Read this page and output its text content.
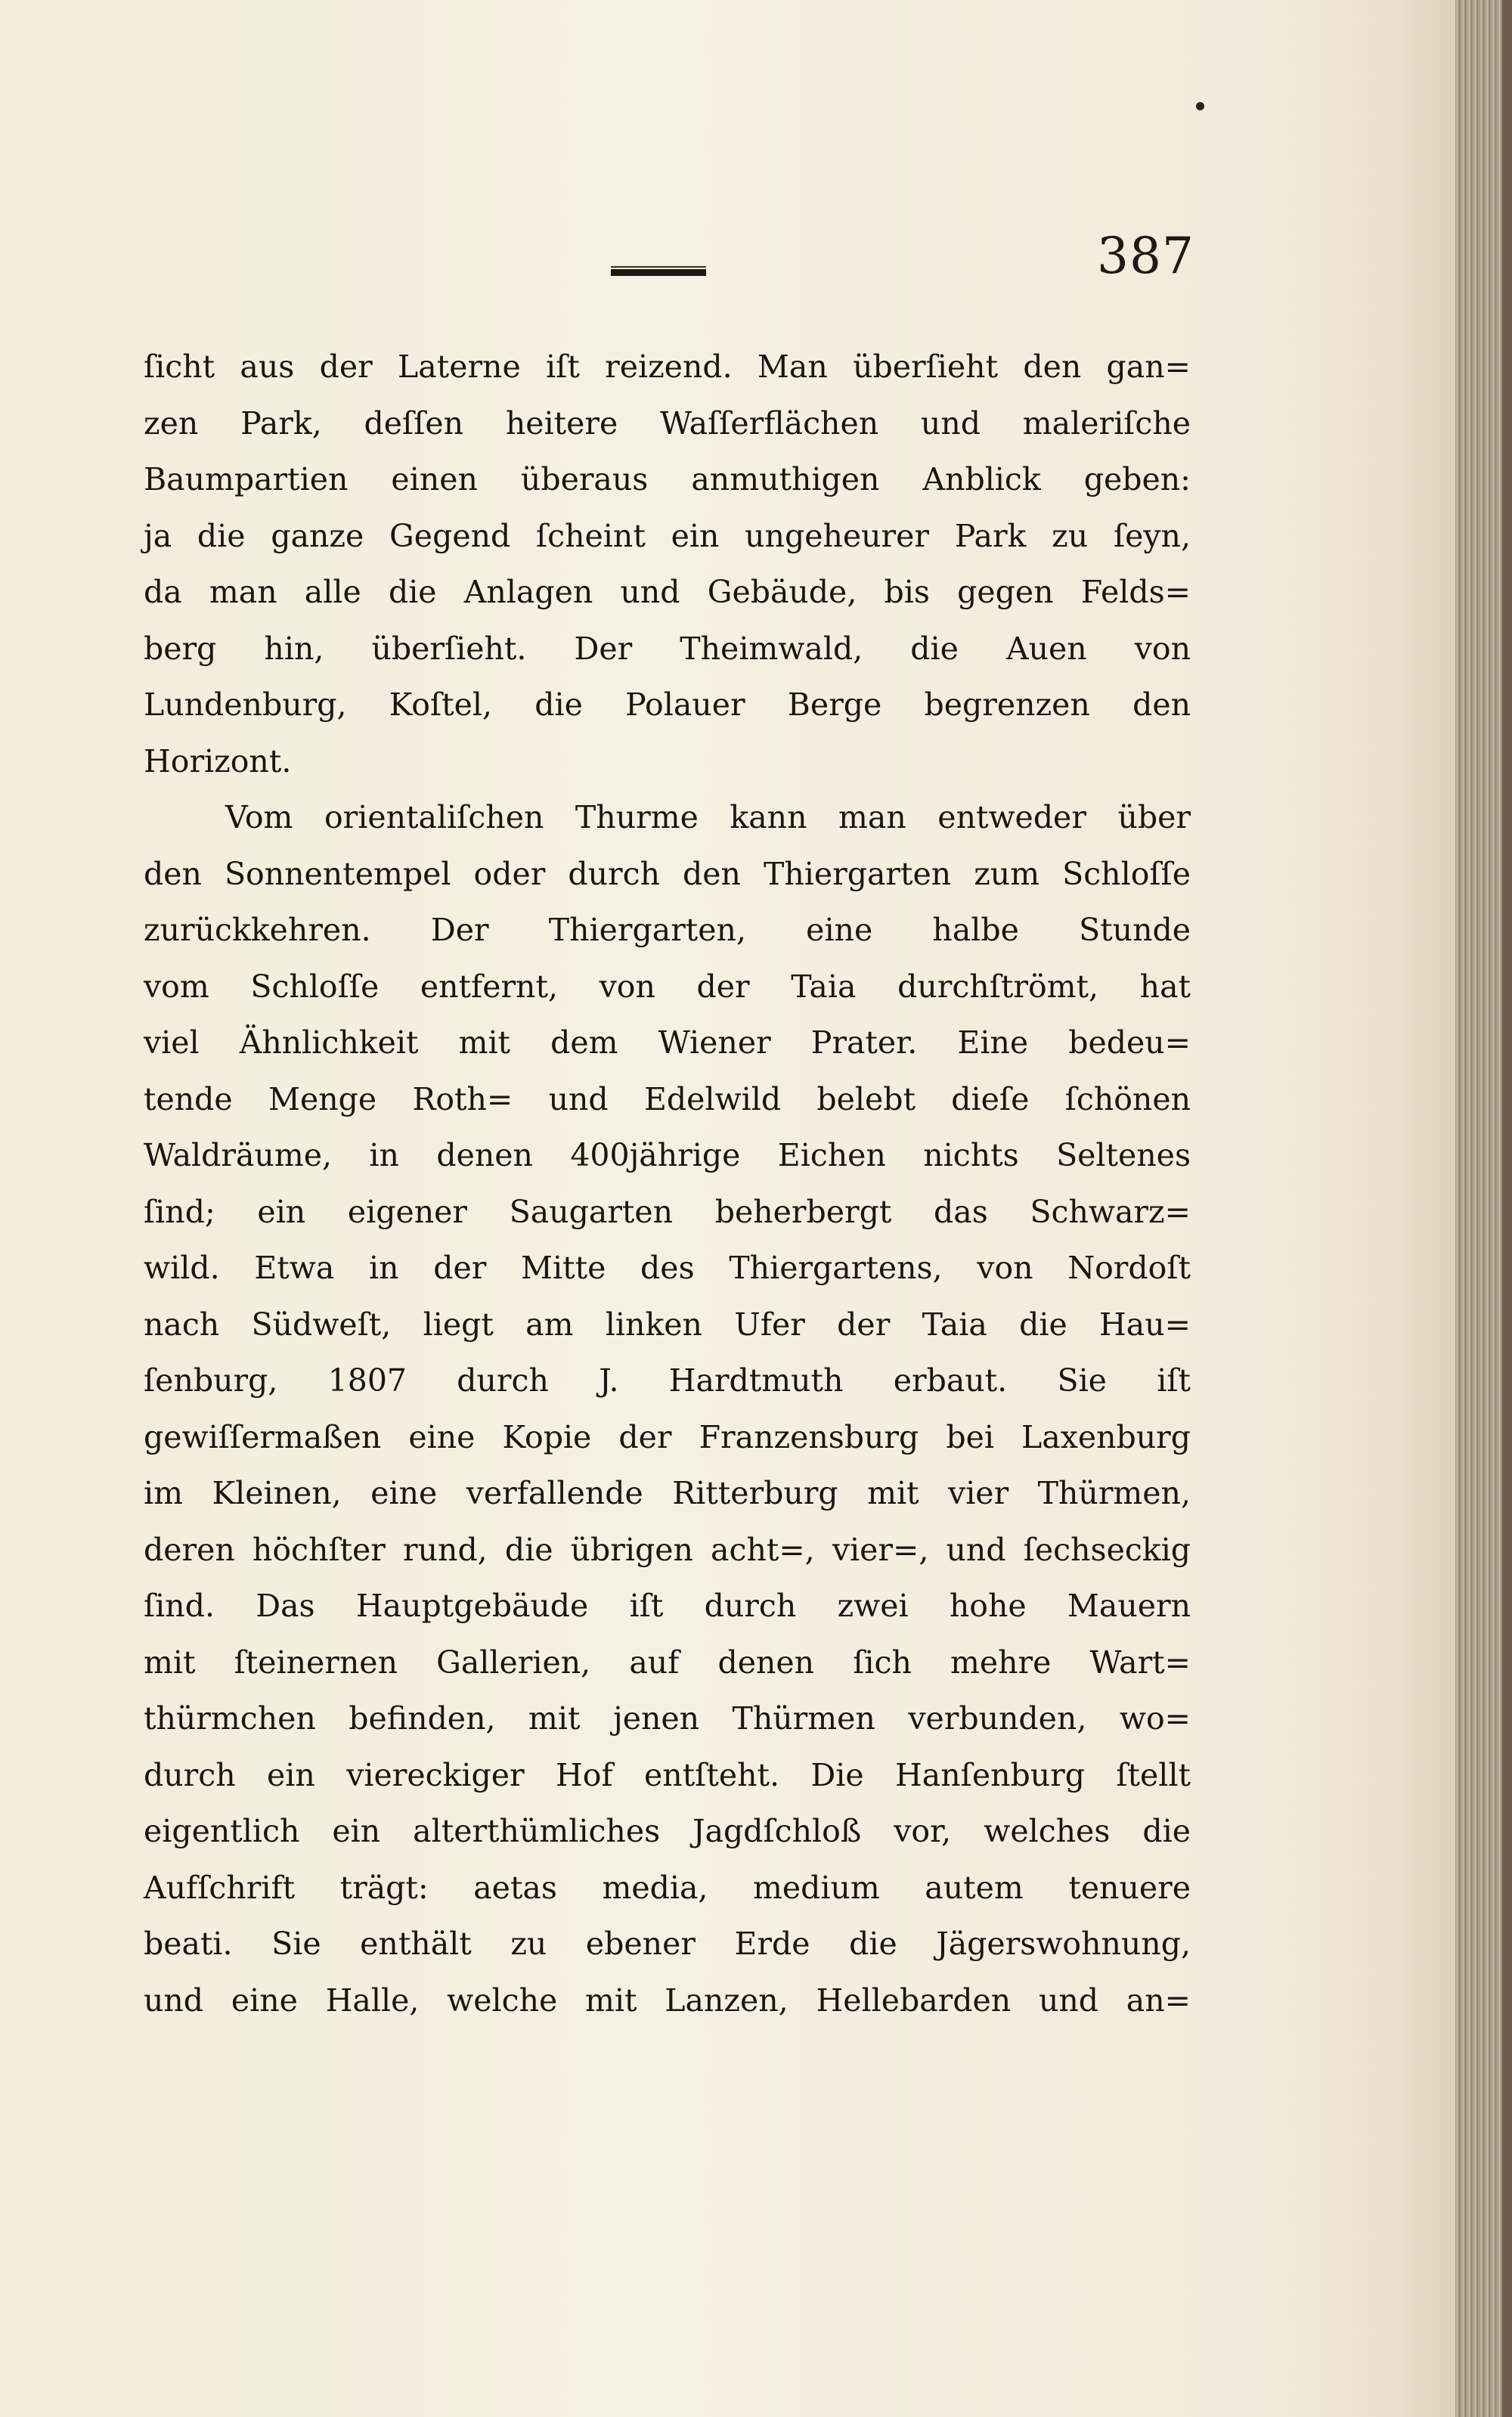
387
ſicht aus der Laterne iſt reizend. Man überſieht den gan=
zen Park, deſſen heitere Waſſerflächen und maleriſche
Baumpartien einen überaus anmuthigen Anblick geben:
ja die ganze Gegend ſcheint ein ungeheurer Park zu ſeyn,
da man alle die Anlagen und Gebäude, bis gegen Felds=
berg hin, überſieht. Der Theimwald, die Auen von
Lundenburg, Koſtel, die Polauer Berge begrenzen den
Horizont.
Vom orientaliſchen Thurme kann man entweder über
den Sonnentempel oder durch den Thiergarten zum Schloſſe
zurückkehren. Der Thiergarten, eine halbe Stunde
vom Schloſſe entfernt, von der Taia durchſtrömt, hat
viel Ähnlichkeit mit dem Wiener Prater. Eine bedeu=
tende Menge Roth= und Edelwild belebt dieſe ſchönen
Waldräume, in denen 400jährige Eichen nichts Seltenes
ſind; ein eigener Saugarten beherbergt das Schwarz=
wild. Etwa in der Mitte des Thiergartens, von Nordoſt
nach Südweſt, liegt am linken Ufer der Taia die Hau=
ſenburg, 1807 durch J. Hardtmuth erbaut. Sie iſt
gewiſſermaßen eine Kopie der Franzensburg bei Laxenburg
im Kleinen, eine verfallende Ritterburg mit vier Thürmen,
deren höchſter rund, die übrigen acht=, vier=, und ſechseckig
ſind. Das Hauptgebäude iſt durch zwei hohe Mauern
mit ſteinernen Gallerien, auf denen ſich mehre Wart=
thürmchen befinden, mit jenen Thürmen verbunden, wo=
durch ein viereckiger Hof entſteht. Die Hanſenburg ſtellt
eigentlich ein alterthümliches Jagdſchloß vor, welches die
Aufſchrift trägt: aetas media, medium autem tenuere
beati. Sie enthält zu ebener Erde die Jägerswohnung,
und eine Halle, welche mit Lanzen, Hellebarden und an=
